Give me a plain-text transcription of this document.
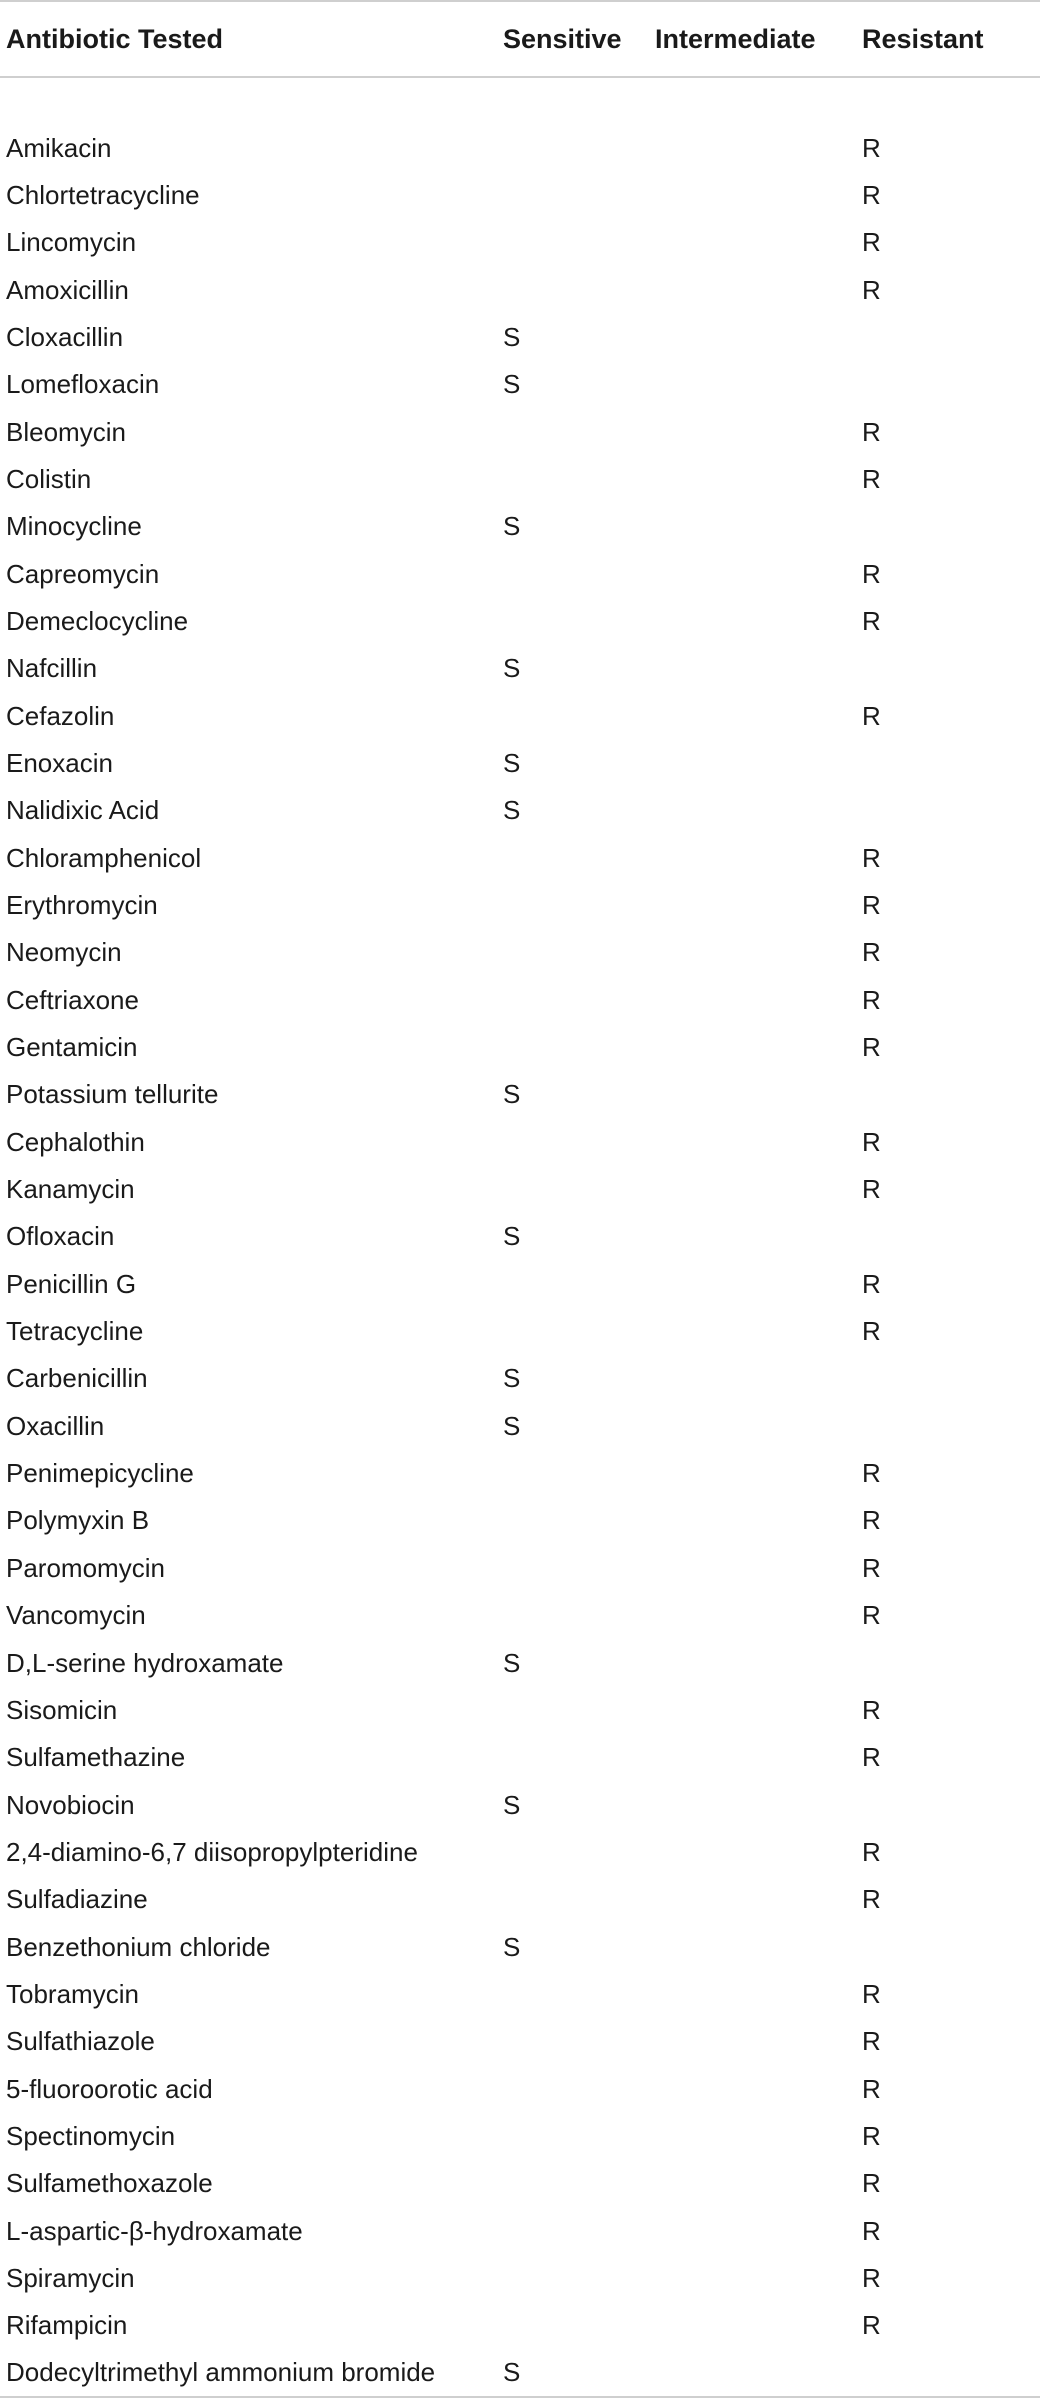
Antibiotic Tested	Sensitive	Intermediate	Resistant

Amikacin			R
Chlortetracycline			R
Lincomycin			R
Amoxicillin			R
Cloxacillin	S		
Lomefloxacin	S		
Bleomycin			R
Colistin			R
Minocycline	S		
Capreomycin			R
Demeclocycline			R
Nafcillin	S		
Cefazolin			R
Enoxacin	S		
Nalidixic Acid	S		
Chloramphenicol			R
Erythromycin			R
Neomycin			R
Ceftriaxone			R
Gentamicin			R
Potassium tellurite	S		
Cephalothin			R
Kanamycin			R
Ofloxacin	S		
Penicillin G			R
Tetracycline			R
Carbenicillin	S		
Oxacillin	S		
Penimepicycline			R
Polymyxin B			R
Paromomycin			R
Vancomycin			R
D,L-serine hydroxamate	S		
Sisomicin			R
Sulfamethazine			R
Novobiocin	S		
2,4-diamino-6,7 diisopropylpteridine			R
Sulfadiazine			R
Benzethonium chloride	S		
Tobramycin			R
Sulfathiazole			R
5-fluoroorotic acid			R
Spectinomycin			R
Sulfamethoxazole			R
L-aspartic-β-hydroxamate			R
Spiramycin			R
Rifampicin			R
Dodecyltrimethyl ammonium bromide	S		
